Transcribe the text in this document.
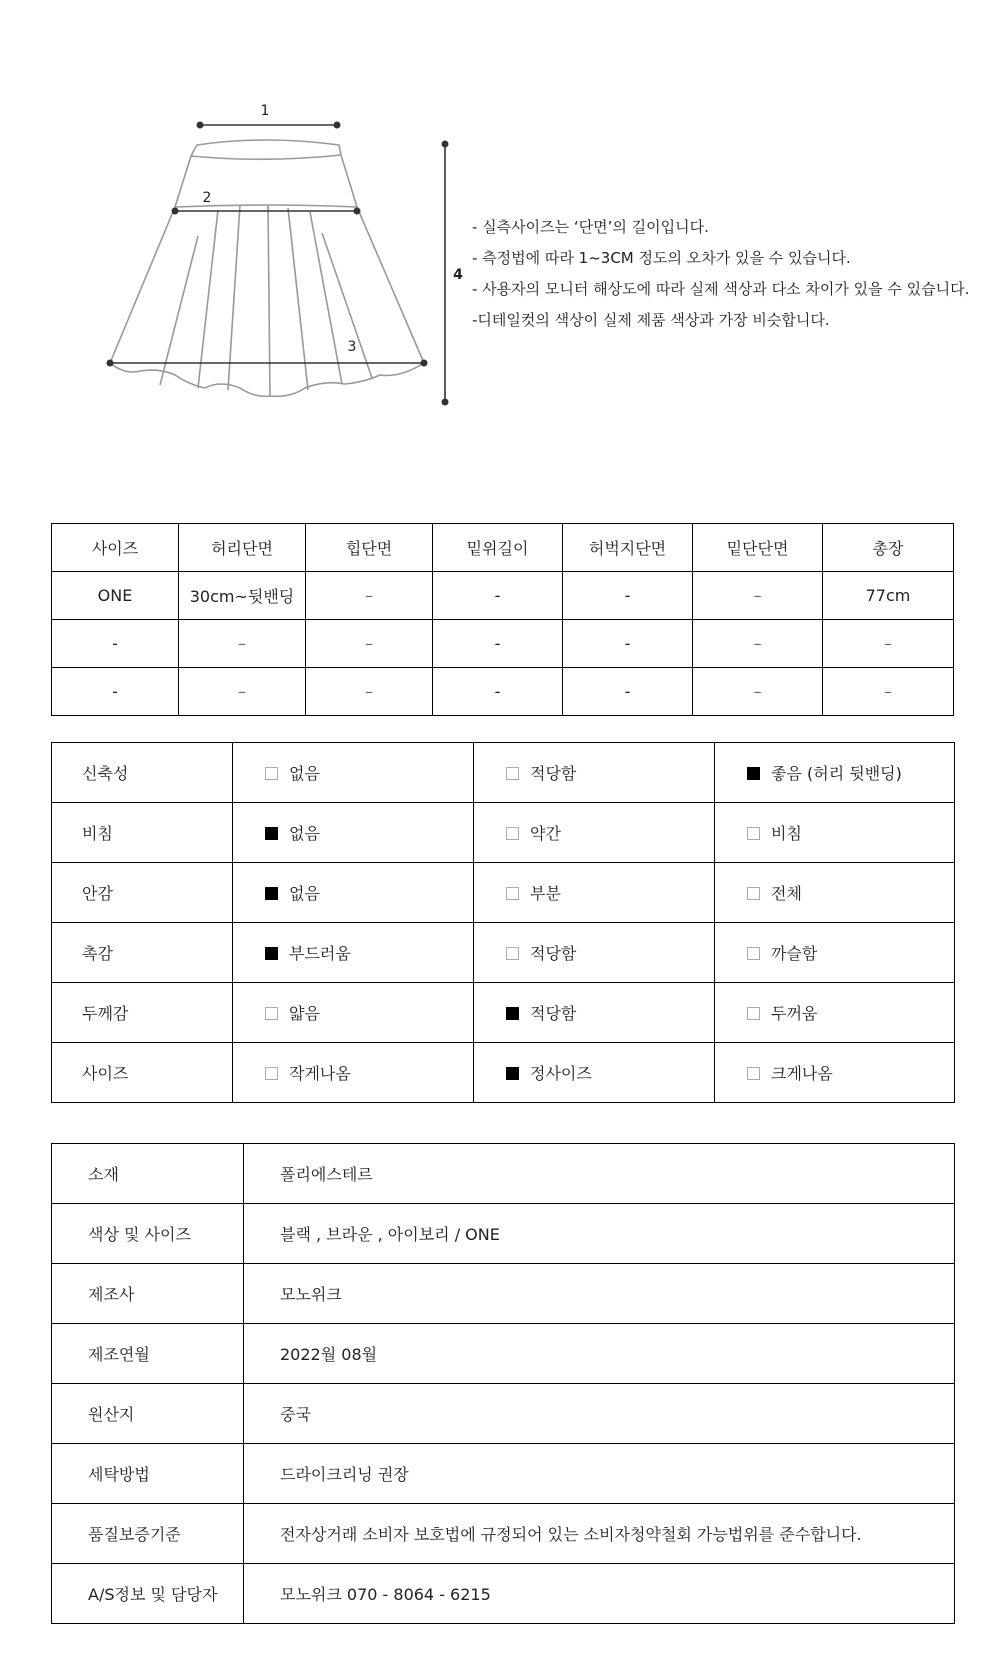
1
2
3
4
- 실측사이즈는 ‘단면’의 길이입니다.
- 측정법에 따라 1~3CM 정도의 오차가 있을 수 있습니다.
- 사용자의 모니터 해상도에 따라 실제 색상과 다소 차이가 있을 수 있습니다.
-디테일컷의 색상이 실제 제품 색상과 가장 비슷합니다.
사이즈	허리단면	힙단면	밑위길이	허벅지단면	밑단단면	총장
ONE	30cm~뒷밴딩	–	-	-	–	77cm
-	–	–	-	-	–	–
-	–	–	-	-	–	–
신축성	없음	적당함	좋음 (허리 뒷밴딩)
비침	없음	약간	비침
안감	없음	부분	전체
촉감	부드러움	적당함	까슬함
두께감	얇음	적당함	두꺼움
사이즈	작게나옴	정사이즈	크게나옴
소재	폴리에스테르
색상 및 사이즈	블랙 , 브라운 , 아이보리 / ONE
제조사	모노위크
제조연월	2022월 08월
원산지	중국
세탁방법	드라이크리닝 권장
품질보증기준	전자상거래 소비자 보호법에 규정되어 있는 소비자청약철회 가능법위를 준수합니다.
A/S정보 및 담당자	모노위크 070 - 8064 - 6215
